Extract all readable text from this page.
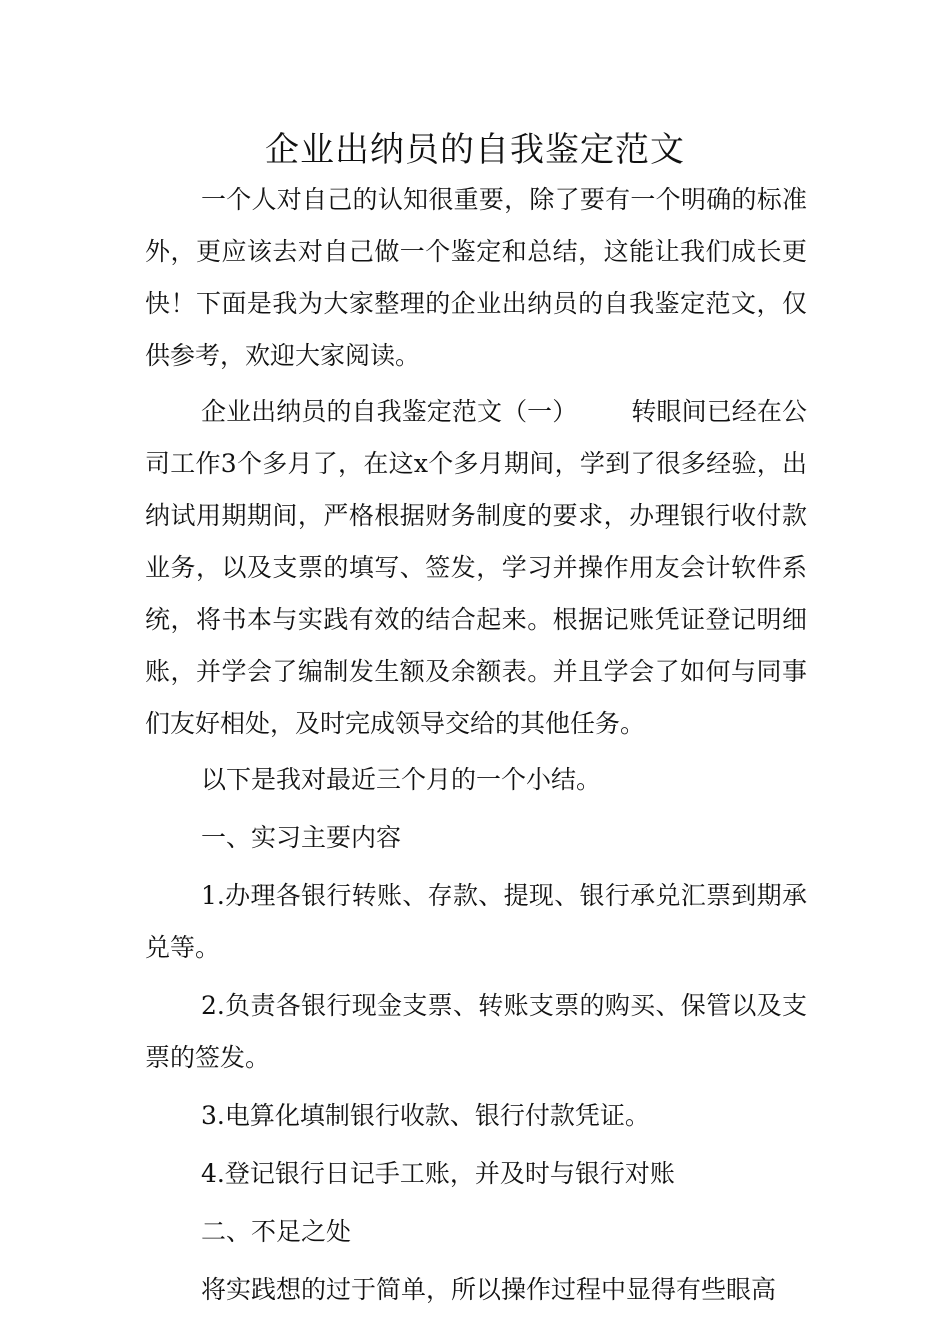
企业出纳员的自我鉴定范文

一个人对自己的认知很重要，除了要有一个明确的标准外，更应该去对自己做一个鉴定和总结，这能让我们成长更快！下面是我为大家整理的企业出纳员的自我鉴定范文，仅供参考，欢迎大家阅读。

企业出纳员的自我鉴定范文（一） 转眼间已经在公司工作3个多月了，在这x个多月期间，学到了很多经验，出纳试用期期间，严格根据财务制度的要求，办理银行收付款业务，以及支票的填写、签发，学习并操作用友会计软件系统，将书本与实践有效的结合起来。根据记账凭证登记明细账，并学会了编制发生额及余额表。并且学会了如何与同事们友好相处，及时完成领导交给的其他任务。

以下是我对最近三个月的一个小结。

一、实习主要内容

1.办理各银行转账、存款、提现、银行承兑汇票到期承兑等。

2.负责各银行现金支票、转账支票的购买、保管以及支票的签发。

3.电算化填制银行收款、银行付款凭证。

4.登记银行日记手工账，并及时与银行对账

二、不足之处

将实践想的过于简单，所以操作过程中显得有些眼高
